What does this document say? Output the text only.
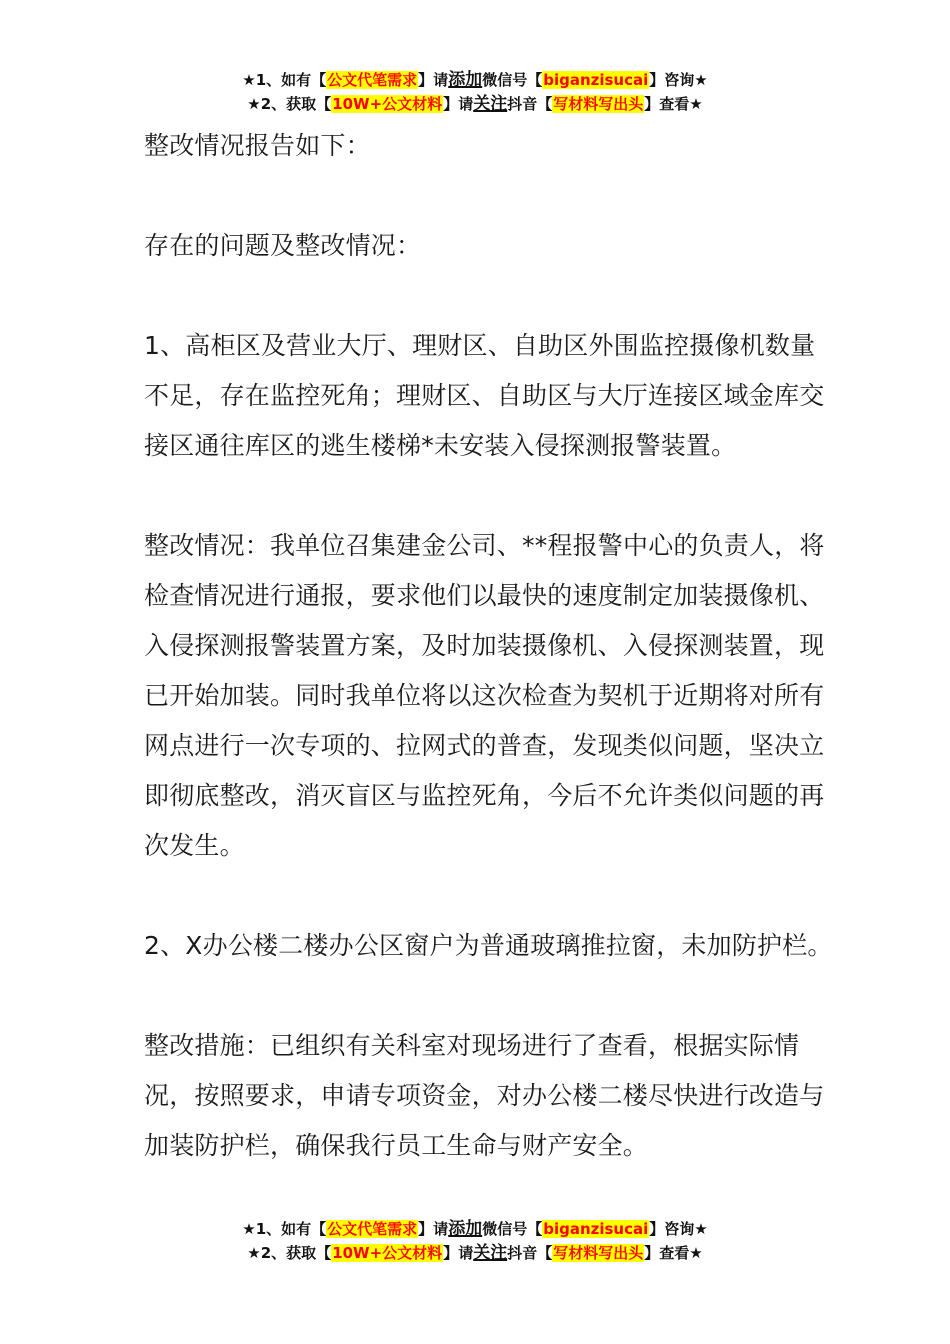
★1、如有【公文代笔需求】请添加微信号【biganzisucai】咨询★
★2、获取【10W+公文材料】请关注抖音【写材料写出头】查看★

整改情况报告如下：

存在的问题及整改情况：

1、高柜区及营业大厅、理财区、自助区外围监控摄像机数量不足，存在监控死角；理财区、自助区与大厅连接区域金库交接区通往库区的逃生楼梯*未安装入侵探测报警装置。

整改情况：我单位召集建金公司、**程报警中心的负责人，将检查情况进行通报，要求他们以最快的速度制定加装摄像机、入侵探测报警装置方案，及时加装摄像机、入侵探测装置，现已开始加装。同时我单位将以这次检查为契机于近期将对所有网点进行一次专项的、拉网式的普查，发现类似问题，坚决立即彻底整改，消灭盲区与监控死角，今后不允许类似问题的再次发生。

2、X办公楼二楼办公区窗户为普通玻璃推拉窗，未加防护栏。

整改措施：已组织有关科室对现场进行了查看，根据实际情况，按照要求，申请专项资金，对办公楼二楼尽快进行改造与加装防护栏，确保我行员工生命与财产安全。

★1、如有【公文代笔需求】请添加微信号【biganzisucai】咨询★
★2、获取【10W+公文材料】请关注抖音【写材料写出头】查看★
